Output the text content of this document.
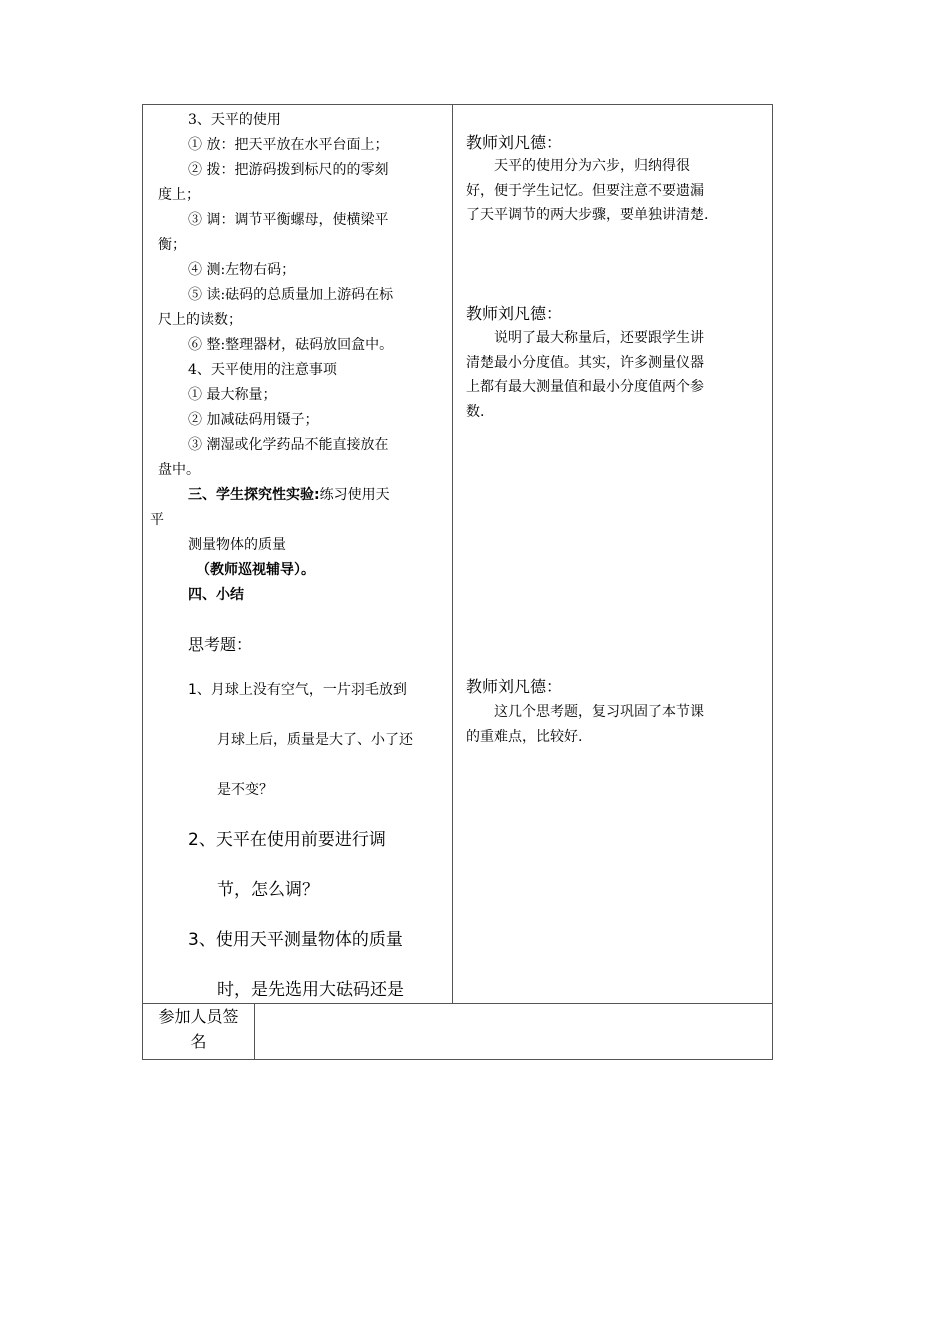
3、天平的使用
① 放：把天平放在水平台面上；
② 拨：把游码拨到标尺的的零刻
度上；
③ 调：调节平衡螺母，使横梁平
衡；
④ 测:左物右码；
⑤ 读:砝码的总质量加上游码在标
尺上的读数；
⑥ 整:整理器材，砝码放回盒中。
4、天平使用的注意事项
① 最大称量；
② 加减砝码用镊子；
③ 潮湿或化学药品不能直接放在
盘中。
三、学生探究性实验:练习使用天
平
测量物体的质量
（教师巡视辅导）。
四、小结
思考题：
1、月球上没有空气，一片羽毛放到
月球上后，质量是大了、小了还
是不变？
2、天平在使用前要进行调
节，怎么调？
3、使用天平测量物体的质量
时，是先选用大砝码还是
教师刘凡德：
　　天平的使用分为六步，归纳得很
好，便于学生记忆。但要注意不要遗漏
了天平调节的两大步骤，要单独讲清楚.
教师刘凡德：
　　说明了最大称量后，还要跟学生讲
清楚最小分度值。其实，许多测量仪器
上都有最大测量值和最小分度值两个参
数.
教师刘凡德：
　　这几个思考题，复习巩固了本节课
的重难点，比较好.
参加人员签
名
